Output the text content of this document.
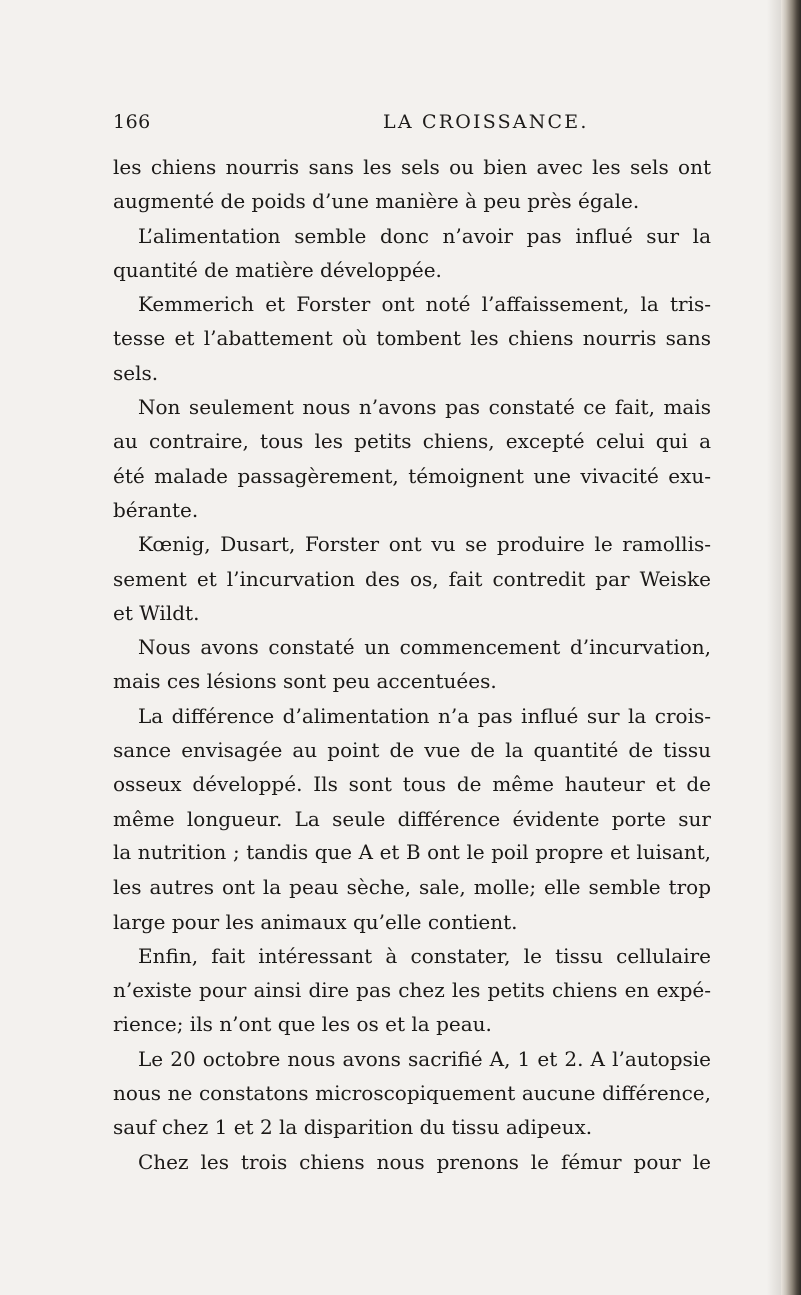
166	LA CROISSANCE.
les chiens nourris sans les sels ou bien avec les sels ont
augmenté de poids d’une manière à peu près égale.
L’alimentation semble donc n’avoir pas influé sur la
quantité de matière développée.
Kemmerich et Forster ont noté l’affaissement, la tris-
tesse et l’abattement où tombent les chiens nourris sans
sels.
Non seulement nous n’avons pas constaté ce fait, mais
au contraire, tous les petits chiens, excepté celui qui a
été malade passagèrement, témoignent une vivacité exu-
bérante.
Kœnig, Dusart, Forster ont vu se produire le ramollis-
sement et l’incurvation des os, fait contredit par Weiske
et Wildt.
Nous avons constaté un commencement d’incurvation,
mais ces lésions sont peu accentuées.
La différence d’alimentation n’a pas influé sur la crois-
sance envisagée au point de vue de la quantité de tissu
osseux développé. Ils sont tous de même hauteur et de
même longueur. La seule différence évidente porte sur
la nutrition ; tandis que A et B ont le poil propre et luisant,
les autres ont la peau sèche, sale, molle; elle semble trop
large pour les animaux qu’elle contient.
Enfin, fait intéressant à constater, le tissu cellulaire
n’existe pour ainsi dire pas chez les petits chiens en expé-
rience; ils n’ont que les os et la peau.
Le 20 octobre nous avons sacrifié A, 1 et 2. A l’autopsie
nous ne constatons microscopiquement aucune différence,
sauf chez 1 et 2 la disparition du tissu adipeux.
Chez les trois chiens nous prenons le fémur pour le
